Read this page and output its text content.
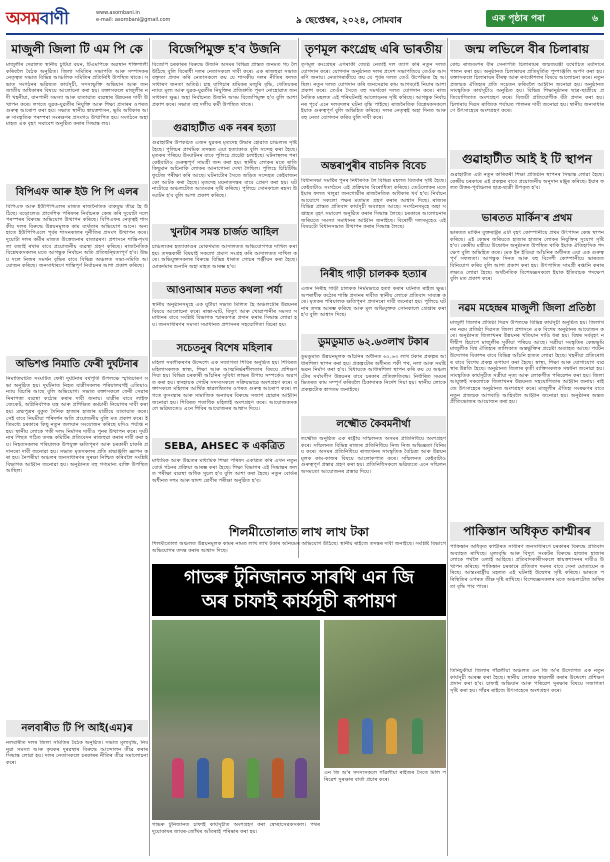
অসমবাণী	www.asombani.in
e-mail: asombani@gmail.com	৯ ছেপ্তেম্বৰ, ২০২৪, সোমবাৰ	এক পৃষ্ঠাৰ পৰা	৬
মাজুলী জিলা টি এম পি কে
মাজুলীৰ দেৱালত স্থানীয় চুটিয়া বয়ন, টিএমপিকে অৱস্থান শক্তিশালী কৰিবলৈ বৈঠক অনুষ্ঠিত। জিলা সমিতিৰ সভাপতি আৰু সম্পাদকৰ নেতৃত্বত সভাত বিভিন্ন আঞ্চলিক সমিতিৰ প্ৰতিনিধি উপস্থিত থাকে। সভাত সংগঠনৰ ভৱিষ্যত কাৰ্যসূচী, সদস্যভুক্তি অভিযান আৰু জনজাতীয় অধিকাৰৰ বিষয়ে আলোচনা কৰা হয়। বক্তাসকলে মাজুলীৰ নদী খহনীয়া, বানপানী সমস্যা আৰু যাতায়াত ব্যৱস্থাৰ উন্নয়নৰ দাবী উত্থাপন কৰে। লগতে যুৱক-যুৱতীৰ নিযুক্তি আৰু শিক্ষা প্ৰসাৰৰ ওপৰত গুৰুত্ব আৰোপ কৰা হয়। সভাত স্থানীয় স্বায়ত্তশাসন, ভূমি অধিকাৰ আৰু সাংস্কৃতিক পৰম্পৰা সংৰক্ষণৰ প্ৰসংগও উত্থাপিত হয়। সংগঠনে অহা মাহত এক বৃহৎ সমাবেশ অনুষ্ঠিত কৰাৰ সিদ্ধান্ত লয়।
বিপিএফ আৰু ইউ পি পি এলৰ
বিপিএফ আৰু ইউপিপিএলৰ মাজত ৰাজনৈতিক বাকযুদ্ধ তীব্ৰ হৈ উঠিছে। বড়োলেণ্ড প্ৰাদেশিক পৰিষদৰ নিৰ্বাচনক কেন্দ্ৰ কৰি দুয়োটা দলে পৰস্পৰৰ বিৰুদ্ধে অভিযোগ উত্থাপন কৰিছে। বিপিএফৰ নেতৃত্বই শাসকীয় দলৰ বিৰুদ্ধে উন্নয়নমূলক কাম ব্যৰ্থতাৰ অভিযোগ আনে। অন্যহাতে ইউপিপিএলে পূৰ্বৰ শাসনকালৰ দুৰ্নীতিৰ প্ৰসংগ উত্থাপন কৰে। দুয়োটা দলৰ কৰ্মীৰ মাজত উত্তেজনাৰ বাতাৱৰণ। প্ৰশাসনে শান্তি-শৃংখলা বজাই ৰখাৰ বাবে প্ৰয়োজনীয় ব্যৱস্থা গ্ৰহণ কৰিছে। ৰাজনৈতিক বিশ্লেষকসকলৰ মতে আগন্তুক নিৰ্বাচন অতি প্ৰতিদ্বন্দ্বিতাপূৰ্ণ হ'ব। উভয় দলে নিজৰ সমৰ্থন বৃদ্ধিৰ বাবে বিভিন্ন অঞ্চলত সভা-সমিতি আয়োজন কৰিছে। জনসাধাৰণে শান্তিপূৰ্ণ নিৰ্বাচনৰ আশা প্ৰকাশ কৰিছে।
অভিশপ্ত নিমাতি ফেৰী দুৰ্ঘটনাৰ
নিমাতিঘাটত সংঘটিত ফেৰী দুৰ্ঘটনাৰ বৰ্ষপূৰ্তি উপলক্ষে স্মৃতিচাৰণ সভা অনুষ্ঠিত হয়। দুৰ্ঘটনাত নিহত যাত্ৰীসকলৰ পৰিয়ালবৰ্গই এতিয়াও ন্যায় বিচাৰি আছে বুলি অভিযোগ। সভাত বক্তাসকলে ফেৰী সেৱাৰ নিৰাপত্তা ব্যৱস্থা কঠোৰ কৰাৰ দাবী জনায়। যাত্ৰীৰ বাবে লাইফ জেকেট, অগ্নিনিৰ্বাপক যন্ত্ৰ আৰু প্ৰশিক্ষিত কৰ্মচাৰী নিয়োগৰ দাবী কৰা হয়। ব্ৰহ্মপুত্ৰৰ বুকুত দৈনিক হাজাৰ হাজাৰ যাত্ৰীয়ে যাতায়াত কৰে। সেই বাবে নিয়মীয়া পৰিদৰ্শন অতি প্ৰয়োজনীয় বুলি মত প্ৰকাশ কৰে। ইতিমধ্যে চৰকাৰে কিছু নতুন জলযান সংযোজন কৰিছে যদিও পৰ্যাপ্ত নহয়। স্থানীয় লোকে পকী দলং নিৰ্মাণৰ দাবীও পুনৰ উত্থাপন কৰে। দুৰ্ঘটনাৰ পিছত গঠিত তদন্ত কমিটিৰ প্ৰতিবেদন ৰাজহুৱা কৰাৰ দাবী কৰা হয়। নিহতসকলৰ পৰিয়ালক উপযুক্ত ক্ষতিপূৰণ আৰু চৰকাৰী চাকৰি প্ৰদানৰো দাবী জনোৱা হয়। সভাত মৃতসকলৰ প্ৰতি শ্ৰদ্ধাঞ্জলি জ্ঞাপন কৰা হয়। নৈপৰীয়া অঞ্চলৰ জনসাধাৰণৰ সুৰক্ষা নিশ্চিত কৰিবলৈ সংশ্লিষ্ট বিভাগক আহ্বান জনোৱা হয়। অনুষ্ঠানত বহু গণ্যমান্য ব্যক্তি উপস্থিত আছিল।
নলবাৰীত টি পি আই(এম)ৰ
নলবাৰীত দলৰ জিলা সমিতিৰ বৈঠক অনুষ্ঠিত। সভাত মূল্যবৃদ্ধি, নিবনুৱা সমস্যা আৰু কৃষকৰ দুৰৱস্থাৰ বিৰুদ্ধে আন্দোলন তীব্ৰ কৰাৰ সিদ্ধান্ত লোৱা হয়। দলৰ নেতাসকলে চৰকাৰৰ নীতিৰ তীব্ৰ সমালোচনা কৰে।
বিজেপিমুক্ত হ'ব উজনি
বিজেপি চৰকাৰৰ বিৰুদ্ধে উজনি অসমৰ বিভিন্ন প্ৰান্তত জনমত গঢ় লৈ উঠিছে বুলি বিৰোধী দলৰ নেতাসকলে দাবী কৰে। এক ৰাজহুৱা সভাত বক্তৃতা প্ৰদান কৰি নেতাসকলে কয় যে শাসকীয় দলৰ নীতিৰ ফলত সাধাৰণ জনতা অতিষ্ঠ। চাহ বাগিচাৰ শ্ৰমিকৰ মজুৰি বৃদ্ধি, খেতিয়কৰ ন্যায্য মূল্য আৰু যুৱক-যুৱতীৰ নিযুক্তিৰ প্ৰতিশ্ৰুতি পূৰণ নোহোৱাত জনসাধাৰণ ক্ষুব্ধ। অহা নিৰ্বাচনত উজনি অসম বিজেপিমুক্ত হ'ব বুলি আশা প্ৰকাশ কৰে। সভাত বহু দলীয় কৰ্মী উপস্থিত থাকে।
গুৱাহাটীত এক নৰৰ হত্যা
গুৱাহাটীৰ উপকণ্ঠত এজন যুৱকৰ মৃতদেহ উদ্ধাৰ হোৱাত চাঞ্চল্যৰ সৃষ্টি হৈছে। পুলিচৰ প্ৰাথমিক তদন্তত এয়া হত্যাকাণ্ড বুলি সন্দেহ কৰা হৈছে। মৃতকৰ পৰিচয় উদ্ঘাটনৰ বাবে পুলিচে প্ৰচেষ্টা চলাইছে। ঘটনাস্থলৰ পৰা কেইবাটাও গুৰুত্বপূৰ্ণ সামগ্ৰী জব্দ কৰা হয়। স্থানীয় লোকৰ মতে ৰাতি কিছুমান অচিনাকি লোকৰ আনাগোনা দেখা গৈছিল। পুলিচে চিচিটিভি ফুটেজ পৰীক্ষা কৰি আছে। ঘটনাটোৰ সৈতে জড়িত সন্দেহত কেইবাজনকো আটক কৰা হৈছে। মৃতদেহ ময়নাতদন্তৰ বাবে প্ৰেৰণ কৰা হয়। ঘটনাটোৱে অঞ্চলটোত আতংকৰ সৃষ্টি কৰিছে। পুলিচে সোনকালে ৰহস্য উদ্ঘাটন হ'ব বুলি আশা প্ৰকাশ কৰিছে।
খুনটাৰ সমস্ত চাৰ্জত আহিল
চাঞ্চল্যকৰ হত্যাকাণ্ডৰ মোকৰ্দমাত আদালতত অভিযোগপত্ৰ দাখিল কৰা হয়। তদন্তকাৰী বিষয়াই সকলো প্ৰমাণ সংগ্ৰহ কৰি আদালতত দাখিল কৰে। অভিযুক্তসকলৰ বিৰুদ্ধে বিভিন্ন ধাৰাত গোচৰ পঞ্জীয়ন কৰা হৈছে। মোকৰ্দমাৰ শুনানি অহা মাহত আৰম্ভ হ'ব।
আওনাআৰ মতত কথলা পৰ্যা
স্থানীয় অনুষ্ঠানসমূহে এক যুটীয়া সভাত মিলিত হৈ অঞ্চলটোৰ উন্নয়নৰ বিষয়ে আলোচনা কৰে। ৰাস্তা-ঘাট, বিদ্যুৎ আৰু খোৱাপানীৰ সমস্যা সমাধানৰ বাবে সংশ্লিষ্ট বিভাগক স্মাৰকপত্ৰ প্ৰদান কৰাৰ সিদ্ধান্ত লোৱা হয়। জনসাধাৰণৰ সমস্যা সমাধানত প্ৰশাসনৰ সহযোগিতা বিচৰা হয়।
সচেতনুৰ বিশেষ মহিলাৰ
মহিলা সবলীকৰণৰ উদ্দেশ্যে এক সজাগতা শিবিৰ অনুষ্ঠিত হয়। শিবিৰত মহিলাসকলক স্বাস্থ্য, শিক্ষা আৰু আত্মনিৰ্ভৰশীলতাৰ বিষয়ে প্ৰশিক্ষণ দিয়া হয়। বিভিন্ন চৰকাৰী আঁচনিৰ সুবিধা লাভৰ উপায় সম্পৰ্কেও অৱগত কৰা হয়। স্বসহায়ক গোটৰ সদস্যসকলে সক্ৰিয়ভাৱে অংশগ্ৰহণ কৰে। বক্তাসকলে মহিলাৰ আৰ্থিক স্বাৱলম্বিতাৰ ওপৰত গুৰুত্ব আৰোপ কৰে। লগতে কুসংস্কাৰ আৰু সামাজিক অন্যায়ৰ বিৰুদ্ধে সজাগ হোৱাৰ আহ্বান জনোৱা হয়। শিবিৰত শতাধিক মহিলাই অংশগ্ৰহণ কৰে। আয়োজকসকলে ভৱিষ্যতেও এনে শিবিৰ আয়োজনৰ আশ্বাস দিয়ে।
SEBA, AHSEC ক একত্ৰিত
মাধ্যমিক আৰু উচ্চতৰ মাধ্যমিক শিক্ষা পৰিষদ একত্ৰিত কৰি এখন নতুন বোৰ্ড গঠনৰ প্ৰক্ৰিয়া আৰম্ভ কৰা হৈছে। শিক্ষা বিভাগৰ এই সিদ্ধান্তৰ ফলত পৰীক্ষা ব্যৱস্থা অধিক সুচল হ'ব বুলি আশা কৰা হৈছে। নতুন বোৰ্ডৰ অধীনত দশম আৰু দ্বাদশ শ্ৰেণীৰ পৰীক্ষা অনুষ্ঠিত হ'ব।
তৃণমূল কংগ্ৰেছ এৰি ভাৰতীয়
তৃণমূল কংগ্ৰেছৰ এগৰাকী জ্যেষ্ঠ নেতাই দল ত্যাগ কৰি নতুন দলত যোগদান কৰে। যোগদান অনুষ্ঠানত দলৰ প্ৰদেশ সভাপতিয়ে তেওঁক আদৰণি জনায়। নেতাগৰাকীয়ে কয় যে পূৰ্বৰ দলত তেওঁ উপেক্ষিত হৈ আছিল। নতুন দলত যোগদান কৰি জনসেৱাৰ কাম আগবঢ়াই নিয়াৰ আশা প্ৰকাশ কৰে। তেওঁৰ সৈতে বহু সমৰ্থকো দলত যোগদান কৰে। ৰাজনৈতিক মহলত এই পৰিঘটনাই আলোড়নৰ সৃষ্টি কৰিছে। আগন্তুক নিৰ্বাচনৰ পূৰ্বে এনে দলবদলৰ ঘটনা বৃদ্ধি পাইছে। ৰাজনৈতিক বিশ্লেষকসকলে ইয়াক গুৰুত্বপূৰ্ণ বুলি অভিহিত কৰিছে। দলৰ নেতৃত্বই অহা দিনত আৰু বহু নেতা যোগদান কৰিব বুলি দাবী কৰে।
অন্তৰাপুৰীৰ বাচনিক বিবেচ
বিধানসভা সমষ্টিৰ পুনৰ নিৰ্ধাৰণক লৈ বিভিন্ন মহলত বিতৰ্কৰ সৃষ্টি হৈছে। কেইবাটাও সংগঠনে এই প্ৰক্ৰিয়াৰ বিৰোধিতা কৰিছে। তেওঁলোকৰ মতে ইয়াৰ ফলত থলুৱা জনগোষ্ঠীৰ ৰাজনৈতিক অধিকাৰ খৰ্ব হ'ব। নিৰ্বাচন আয়োগে সকলো পক্ষৰ মতামত গ্ৰহণ কৰাৰ আশ্বাস দিছে। ৰাজ্যৰ বিভিন্ন প্ৰান্তত প্ৰতিবাদ কাৰ্যসূচী অব্যাহত আছে। সংগঠনসমূহে অহা সপ্তাহত বৃহৎ সমাবেশ অনুষ্ঠিত কৰাৰ সিদ্ধান্ত লৈছে। চৰকাৰে আলোচনাৰ জৰিয়তে সমস্যা সমাধানৰ আহ্বান জনাইছে। বিৰোধী দলসমূহেও এই বিষয়টো বিধানসভাত উত্থাপন কৰাৰ সিদ্ধান্ত লৈছে।
নিৰীহ গাড়ী চালকক হত্যাৰ
এজন নিৰীহ গাড়ী চালকক নিৰ্মমভাৱে হত্যা কৰাৰ ঘটনাত ৰাইজ ক্ষুব্ধ। অপৰাধীক কঠোৰ শাস্তি প্ৰদানৰ দাবীত স্থানীয় লোকে প্ৰতিবাদ সাব্যস্ত কৰে। মৃতকৰ পৰিয়ালক ক্ষতিপূৰণ প্ৰদানৰো দাবী জনোৱা হয়। পুলিচে ঘটনাৰ তদন্ত আৰম্ভ কৰিছে আৰু মূল অভিযুক্তক সোনকালে গ্ৰেপ্তাৰ কৰা হ'ব বুলি আশ্বাস দিছে।
ডুমডুমাত ৬২.৬৩লাখ টকাৰ
ডুমডুমাত উন্নয়নমূলক আঁচনিৰ অধীনত ৬২.৬৩ লাখ টকাৰ প্ৰকল্পৰ আধাৰশিলা স্থাপন কৰা হয়। প্ৰকল্পটোৰ অধীনত পকী পথ, নলা আৰু সমষ্টি ভৱন নিৰ্মাণ কৰা হ'ব। বিধায়কে আধাৰশিলা স্থাপন কৰি কয় যে অঞ্চলটোৰ সৰ্বাংগীণ উন্নয়নৰ বাবে চৰকাৰ প্ৰতিশ্ৰুতিবদ্ধ। নিৰ্ধাৰিত সময়ৰ ভিতৰত কাম সম্পূৰ্ণ কৰিবলৈ ঠিকাদাৰক নিৰ্দেশ দিয়া হয়। স্থানীয় লোকে প্ৰকল্পটোক স্বাগতম জনাইছে।
লক্ষ্মৌত কৈবমনীৰ্থা
লক্ষ্মৌত অনুষ্ঠিত এক ৰাষ্ট্ৰীয় সন্মিলনত অসমৰ প্ৰতিনিধিয়ে অংশগ্ৰহণ কৰে। সন্মিলনত বিভিন্ন ৰাজ্যৰ প্ৰতিনিধিয়ে নিজ নিজ অভিজ্ঞতা বিনিময় কৰে। অসমৰ প্ৰতিনিধিয়ে ৰাজ্যখনৰ সাংস্কৃতিক বৈচিত্ৰ্য আৰু উন্নয়নমূলক কাম-কাজৰ বিষয়ে আলোকপাত কৰে। সন্মিলনত কেইবাটাও গুৰুত্বপূৰ্ণ প্ৰস্তাৱ গ্ৰহণ কৰা হয়। প্ৰতিনিধিসকলে ভৱিষ্যতে এনে সন্মিলন অসমতো আয়োজনৰ প্ৰস্তাৱ দিয়ে।
জন্ম লভিলে বীৰ চিলাৰায়
কোচ ৰাজবংশৰ বীৰ সেনাপতি চিলাৰায়ৰ জন্মজয়ন্তী যথোচিত মৰ্যাদাৰে পালন কৰা হয়। অনুষ্ঠানত চিলাৰায়ৰ প্ৰতিমূৰ্তিত পুষ্পাঞ্জলি অৰ্পণ কৰা হয়। বক্তাসকলে চিলাৰায়ৰ বীৰত্ব আৰু ৰণকৌশলৰ বিষয়ে আলোচনা কৰে। নতুন প্ৰজন্মক ঐতিহ্যৰ প্ৰতি সচেতন কৰিবলৈ আহ্বান জনোৱা হয়। অনুষ্ঠানত সাংস্কৃতিক কাৰ্যসূচীও অনুষ্ঠিত হয়। বিভিন্ন শিক্ষানুষ্ঠানৰ ছাত্ৰ-ছাত্ৰীয়ে প্ৰতিযোগিতাত অংশগ্ৰহণ কৰে। বিজয়ী প্ৰতিযোগীক বঁটা প্ৰদান কৰা হয়। চিলাৰায় দিৱস ৰাজ্যিক পৰ্যায়ত পালনৰ দাবী জনোৱা হয়। স্থানীয় জনসাধাৰণে উৎসাহেৰে অংশগ্ৰহণ কৰে।
গুৱাহাটীত আই ই টি স্থাপন
গুৱাহাটীত এটা নতুন কাৰিকৰী শিক্ষা প্ৰতিষ্ঠান স্থাপনৰ সিদ্ধান্ত লোৱা হৈছে। কেন্দ্ৰীয় চৰকাৰে এই প্ৰকল্পৰ বাবে প্ৰয়োজনীয় অনুদান মঞ্জুৰ কৰিছে। ইয়াৰ ফলত উত্তৰ-পূৰ্বাঞ্চলৰ ছাত্ৰ-ছাত্ৰী উপকৃত হ'ব।
ভাৰতত মাৰ্কিন'ৰ প্ৰথম
ভাৰতত মাৰ্কিন যুক্তৰাষ্ট্ৰৰ এটা বৃহৎ কোম্পানীয়ে প্ৰথম উৎপাদন কেন্দ্ৰ স্থাপন কৰিছে। এই কেন্দ্ৰৰ জৰিয়তে হাজাৰ হাজাৰ লোকৰ নিযুক্তিৰ সুযোগ সৃষ্টি হ'ব। কেন্দ্ৰীয় মন্ত্ৰীয়ে উদ্বোধন অনুষ্ঠানত উপস্থিত থাকি ইয়াক ঐতিহাসিক পদক্ষেপ বুলি অভিহিত কৰে। মেক ইন ইণ্ডিয়া আঁচনিৰ অধীনত এয়া এক গুৰুত্বপূৰ্ণ সফলতা। আগন্তুক দিনত আৰু বহু বিদেশী কোম্পানীয়ে ভাৰতত বিনিয়োগ কৰিব বুলি আশা প্ৰকাশ কৰা হয়। উৎপাদিত সামগ্ৰী ৰপ্তানি কৰাৰ লক্ষ্যও লোৱা হৈছে। অৰ্থনৈতিক বিশেষজ্ঞসকলে ইয়াক ইতিবাচক পদক্ষেপ বুলি মত প্ৰকাশ কৰে।
নৱম মহেন্দ্ৰৰ মাজুলী জিলা প্ৰতিষ্ঠা
মাজুলী জিলাৰ প্ৰতিষ্ঠা দিৱস উপলক্ষে বিভিন্ন কাৰ্যসূচী অনুষ্ঠিত হয়। জিলাখনৰ নৱম প্ৰতিষ্ঠা দিৱসত জিলা প্ৰশাসনে এক বিশেষ অনুষ্ঠানৰ আয়োজন কৰে। অনুষ্ঠানত জিলাখনৰ উন্নয়নৰ খতিয়ান দাঙি ধৰা হয়। বিশ্বৰ সৰ্ববৃহৎ নদীদ্বীপ হিচাপে মাজুলীৰ সুকীয়া পৰিচয় আছে। সত্ৰীয়া সংস্কৃতিৰ কেন্দ্ৰভূমি মাজুলীক বিশ্ব ঐতিহ্যৰ তালিকাত অন্তৰ্ভুক্তিৰ প্ৰচেষ্টা অব্যাহত আছে। পৰ্যটন উদ্যোগৰ বিকাশৰ বাবে বিভিন্ন আঁচনি হাতত লোৱা হৈছে। খহনীয়া প্ৰতিৰোধৰ বাবে বিশেষ প্ৰকল্প ৰূপায়ণ কৰা হৈছে। স্বাস্থ্য, শিক্ষা আৰু যোগাযোগ ব্যৱস্থাৰ উন্নতি হৈছে। অনুষ্ঠানত জিলাৰ কৃতী ব্যক্তিসকলক সম্বৰ্ধনা জনোৱা হয়। সাংস্কৃতিক কাৰ্যসূচীত সত্ৰীয়া নৃত্য আৰু লোকগীত পৰিৱেশন কৰা হয়। জিলা আয়ুক্তই সকলোকে জিলাখনৰ উন্নয়নত সহযোগিতাৰ আহ্বান জনায়। ৰাইজে উৎসাহেৰে অনুষ্ঠানত অংশগ্ৰহণ কৰে। মাজুলীৰ ঐতিহ্য সংৰক্ষণৰ বাবে নতুন প্ৰজন্মক আগবাঢ়ি আহিবলৈ আহ্বান জনোৱা হয়। অনুষ্ঠানৰ অন্তত প্ৰীতিভোজৰ আয়োজন কৰা হয়।
পাকিস্তান অধিকৃত কাশ্মীৰৰ
পাকিস্তান অধিকৃত কাশ্মীৰত সাধাৰণ জনসাধাৰণে চৰকাৰৰ বিৰুদ্ধে প্ৰতিবাদ অব্যাহত ৰাখিছে। মূল্যবৃদ্ধি আৰু বিদ্যুৎ সংকটৰ বিৰুদ্ধে হাজাৰ হাজাৰ লোকে পথলৈ ওলাই আহিছে। প্ৰতিবাদকাৰীসকলে স্বায়ত্তশাসনৰ দাবীও উত্থাপন কৰিছে। পাকিস্তান চৰকাৰে প্ৰতিবাদ দমনৰ বাবে সেনা মোতায়েন কৰিছে। আন্তঃৰাষ্ট্ৰীয় মহলত এই ঘটনাই উদ্বেগৰ সৃষ্টি কৰিছে। ভাৰতে পৰিস্থিতিৰ ওপৰত তীক্ষ্ণ দৃষ্টি ৰাখিছে। বিশেষজ্ঞসকলৰ মতে অঞ্চলটোত অস্থিৰতা বৃদ্ধি পাব পাৰে।
তিনিচুকীয়া জিলাৰ গাঁৱলীয়া অঞ্চলত এন জি অ'ৰ উদ্যোগত এক নতুন কাৰ্যসূচী আৰম্ভ কৰা হৈছে। স্থানীয় লোকক স্বাৱলম্বী কৰাৰ উদ্দেশ্যে প্ৰশিক্ষণ প্ৰদান কৰা হ'ব। চাফাই অভিযান আৰু পৰিৱেশ সুৰক্ষাৰ বিষয়ে সজাগতা সৃষ্টি কৰা হয়। গাঁৱৰ ৰাইজে উৎসাহেৰে অংশগ্ৰহণ কৰে।
শিলমীতোলাত লাখ লাখ টকা
শিলমীতোলা অঞ্চলত উন্নয়নমূলক কামৰ নামত লাখ লাখ টকাৰ অনিয়মৰ অভিযোগ উঠিছে। স্থানীয় ৰাইজে তদন্তৰ দাবী জনাইছে। সংশ্লিষ্ট বিভাগে অভিযোগৰ তদন্ত কৰাৰ আশ্বাস দিছে।
গাভৰু টুনিজানত সাৰথি এন জি
অৰ চাফাই কাৰ্যসূচী ৰূপায়ণ
গাভৰু টুনিজানত চাফাই কাৰ্যসূচীত অংশগ্ৰহণ কৰা স্বেচ্ছাসেৱকসকল। পথৰ দুয়োকাষৰ জাবৰ-জোঁথৰ আঁতৰাই পৰিষ্কাৰ কৰা হয়।
এন জি অ'ৰ সদস্যসকলে গাঁৱলীয়া ৰাইজৰ সৈতে মিলি পৰিৱেশ সুৰক্ষাৰ বাৰ্তা প্ৰচাৰ কৰে।
